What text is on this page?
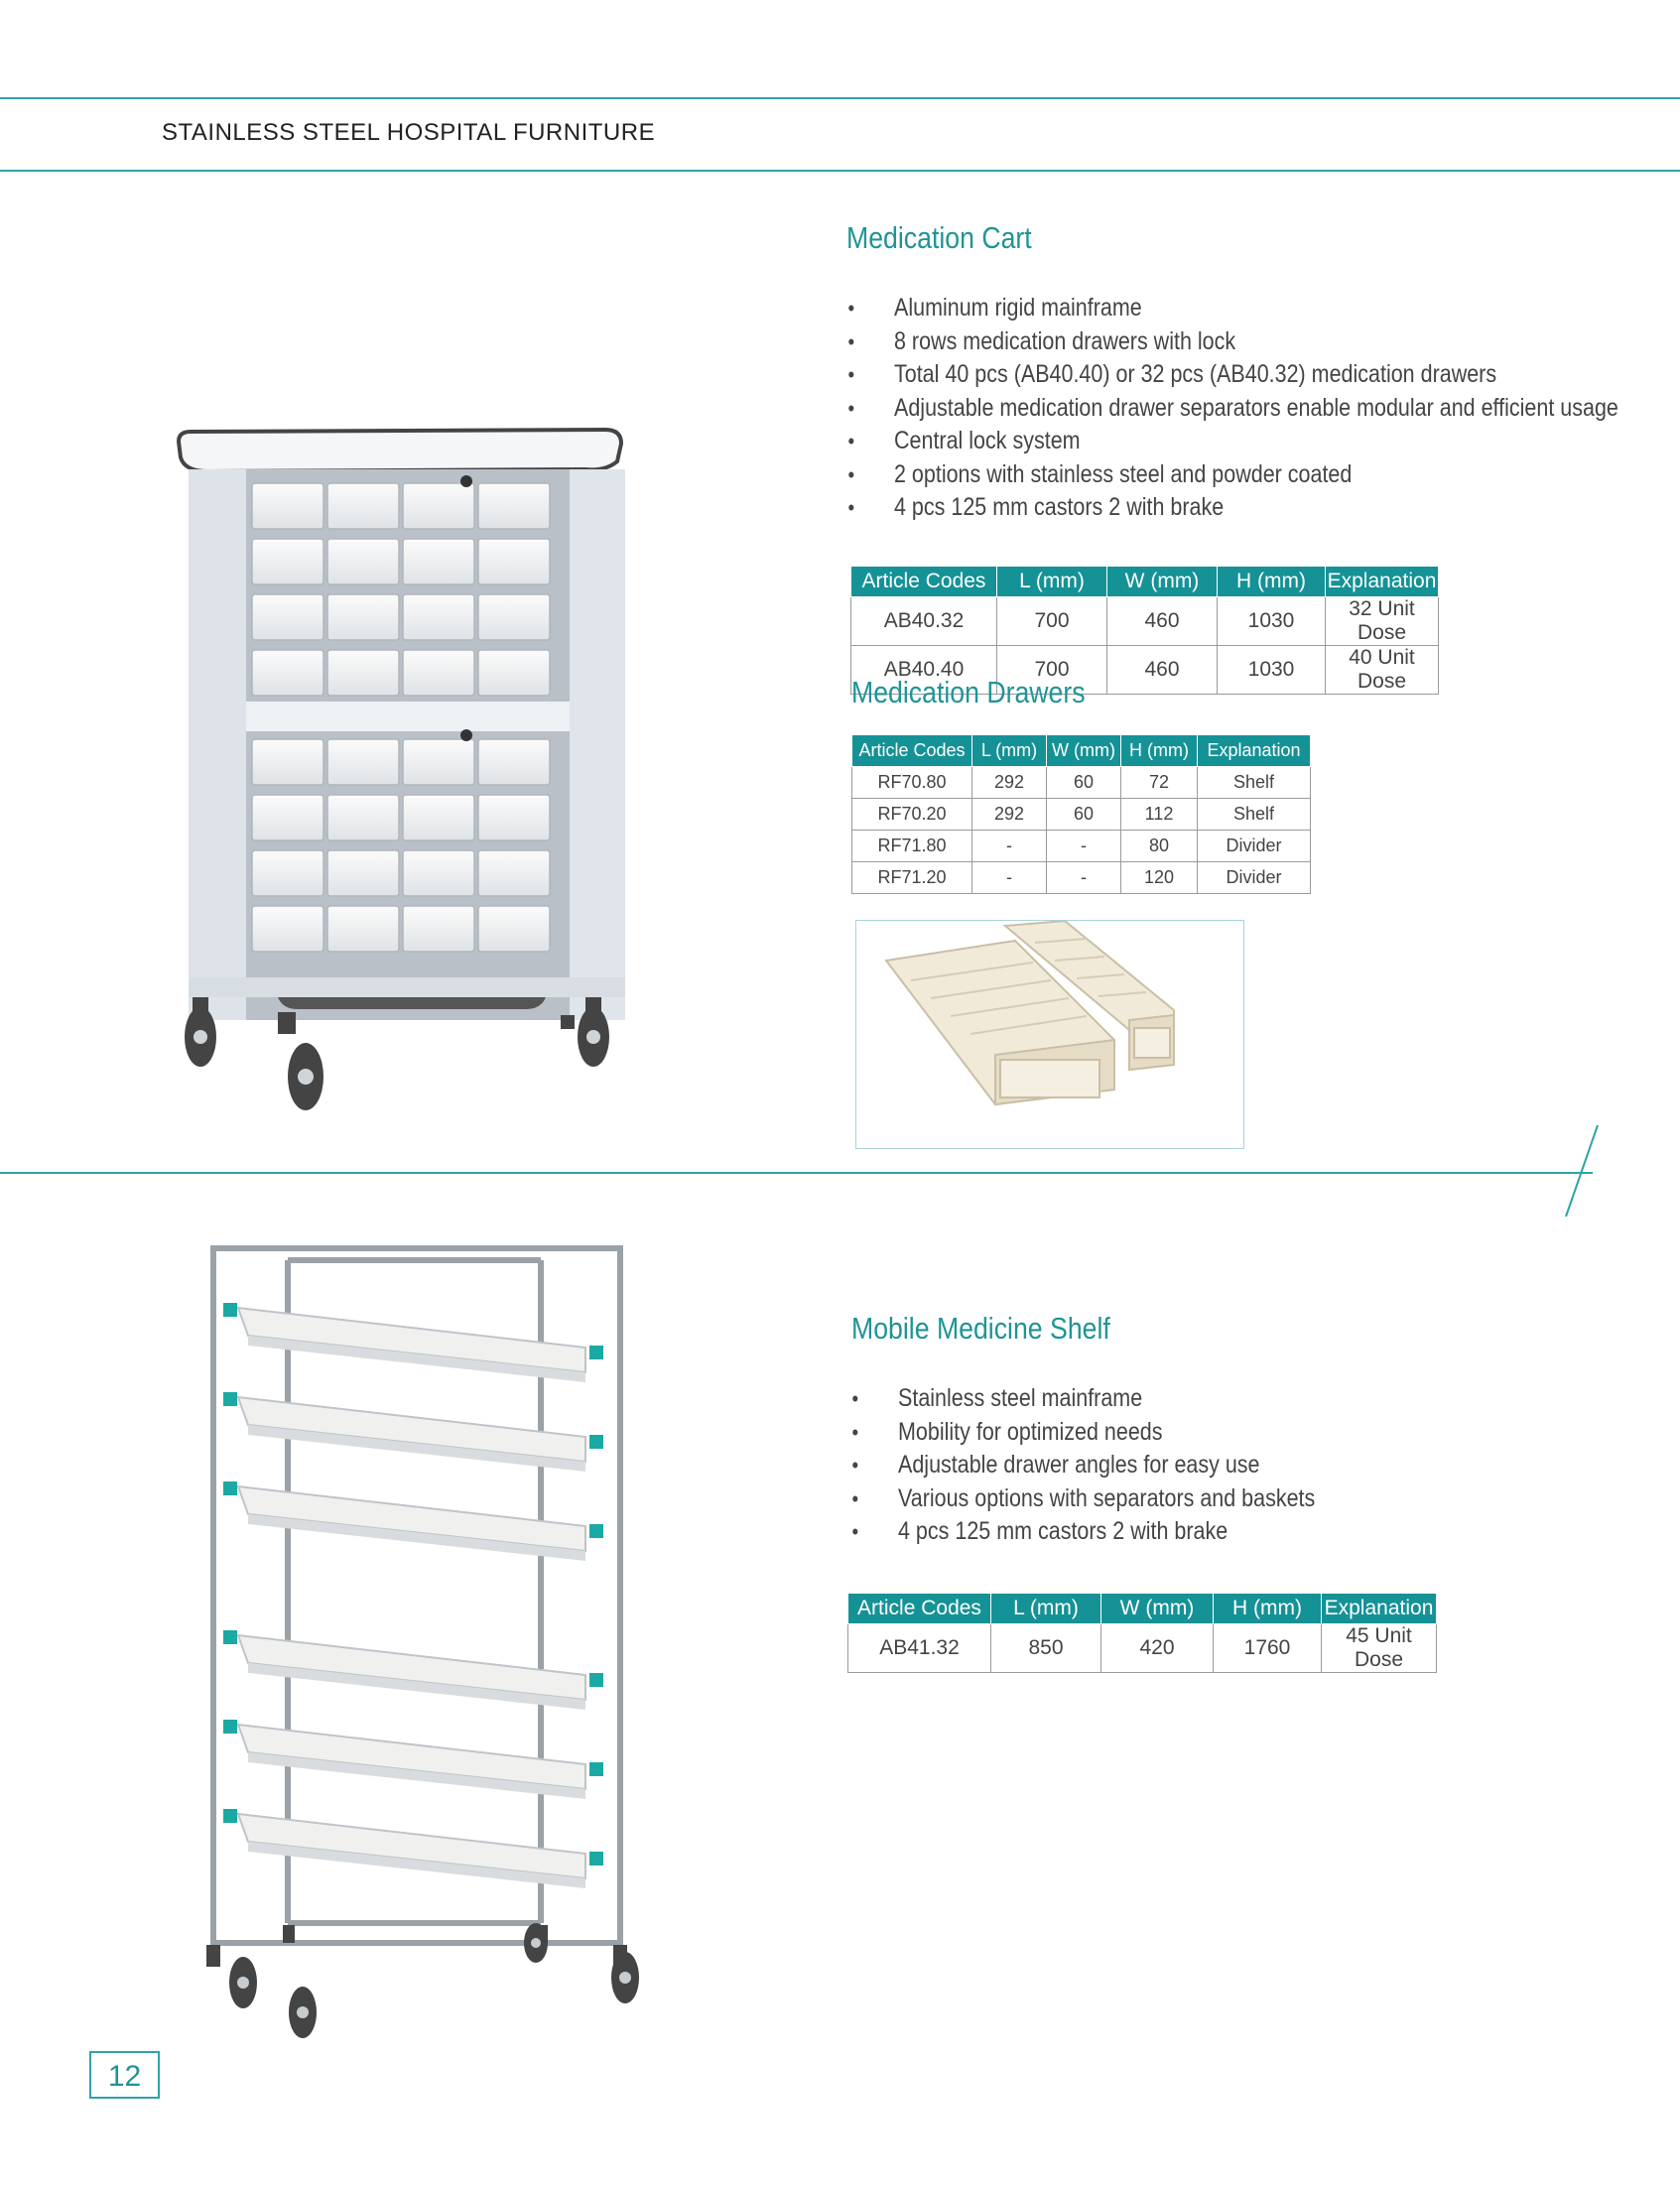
STAINLESS STEEL HOSPITAL FURNITURE
Medication Cart
• Aluminum rigid mainframe
• 8 rows medication drawers with lock
• Total 40 pcs (AB40.40) or 32 pcs (AB40.32) medication drawers
• Adjustable medication drawer separators enable modular and efficient usage
• Central lock system
• 2 options with stainless steel and powder coated
• 4 pcs 125 mm castors 2 with brake
Article Codes	L (mm)	W (mm)	H (mm)	Explanation
AB40.32	700	460	1030	32 Unit Dose
AB40.40	700	460	1030	40 Unit Dose
Medication Drawers
Article Codes	L (mm)	W (mm)	H (mm)	Explanation
RF70.80	292	60	72	Shelf
RF70.20	292	60	112	Shelf
RF71.80	-	-	80	Divider
RF71.20	-	-	120	Divider
Mobile Medicine Shelf
• Stainless steel mainframe
• Mobility for optimized needs
• Adjustable drawer angles for easy use
• Various options with separators and baskets
• 4 pcs 125 mm castors 2 with brake
Article Codes	L (mm)	W (mm)	H (mm)	Explanation
AB41.32	850	420	1760	45 Unit Dose
12
